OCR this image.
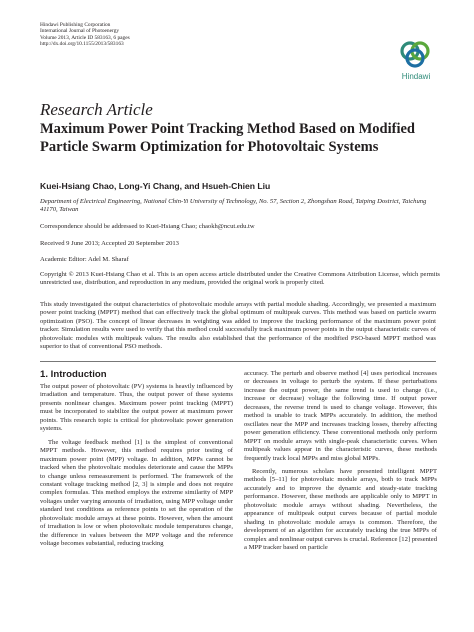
Hindawi Publishing Corporation
International Journal of Photoenergy
Volume 2013, Article ID 583163, 6 pages
http://dx.doi.org/10.1155/2013/583163
Hindawi
Research Article
Maximum Power Point Tracking Method Based on Modified Particle Swarm Optimization for Photovoltaic Systems
Kuei-Hsiang Chao, Long-Yi Chang, and Hsueh-Chien Liu
Department of Electrical Engineering, National Chin-Yi University of Technology, No. 57, Section 2, Zhongshan Road, Taiping Dostrict, Taichung 41170, Taiwan
Correspondence should be addressed to Kuei-Hsiang Chao; chaokh@ncut.edu.tw
Received 9 June 2013; Accepted 20 September 2013
Academic Editor: Adel M. Sharaf
Copyright © 2013 Kuei-Hsiang Chao et al. This is an open access article distributed under the Creative Commons Attribution License, which permits unrestricted use, distribution, and reproduction in any medium, provided the original work is properly cited.
This study investigated the output characteristics of photovoltaic module arrays with partial module shading. Accordingly, we presented a maximum power point tracking (MPPT) method that can effectively track the global optimum of multipeak curves. This method was based on particle swarm optimization (PSO). The concept of linear decreases in weighting was added to improve the tracking performance of the maximum power point tracker. Simulation results were used to verify that this method could successfully track maximum power points in the output characteristic curves of photovoltaic modules with multipeak values. The results also established that the performance of the modified PSO-based MPPT method was superior to that of conventional PSO methods.
1. Introduction

The output power of photovoltaic (PV) systems is heavily influenced by irradiation and temperature. Thus, the output power of these systems presents nonlinear changes. Maximum power point tracking (MPPT) must be incorporated to stabilize the output power at maximum power points. This research topic is critical for photovoltaic power generation systems.

The voltage feedback method [1] is the simplest of conventional MPPT methods. However, this method requires prior testing of maximum power point (MPP) voltage. In addition, MPPs cannot be tracked when the photovoltaic modules deteriorate and cause the MPPs to change unless remeasurement is performed. The framework of the constant voltage tracking method [2, 3] is simple and does not require complex formulas. This method employs the extreme similarity of MPP voltages under varying amounts of irradiation, using MPP voltage under standard test conditions as reference points to set the operation of the photovoltaic module arrays at these points. However, when the amount of irradiation is low or when photovoltaic module temperatures change, the difference in values between the MPP voltage and the reference voltage becomes substantial, reducing tracking

accuracy. The perturb and observe method [4] uses periodical increases or decreases in voltage to perturb the system. If these perturbations increase the output power, the same trend is used to change (i.e., increase or decrease) voltage the following time. If output power decreases, the reverse trend is used to change voltage. However, this method is unable to track MPPs accurately. In addition, the method oscillates near the MPP and increases tracking losses, thereby affecting power generation efficiency. These conventional methods only perform MPPT on module arrays with single-peak characteristic curves. When multipeak values appear in the characteristic curves, these methods frequently track local MPPs and miss global MPPs.

Recently, numerous scholars have presented intelligent MPPT methods [5–11] for photovoltaic module arrays, both to track MPPs accurately and to improve the dynamic and steady-state tracking performance. However, these methods are applicable only to MPPT in photovoltaic module arrays without shading. Nevertheless, the appearance of multipeak output curves because of partial module shading in photovoltaic module arrays is common. Therefore, the development of an algorithm for accurately tracking the true MPPs of complex and nonlinear output curves is crucial. Reference [12] presented a MPP tracker based on particle
